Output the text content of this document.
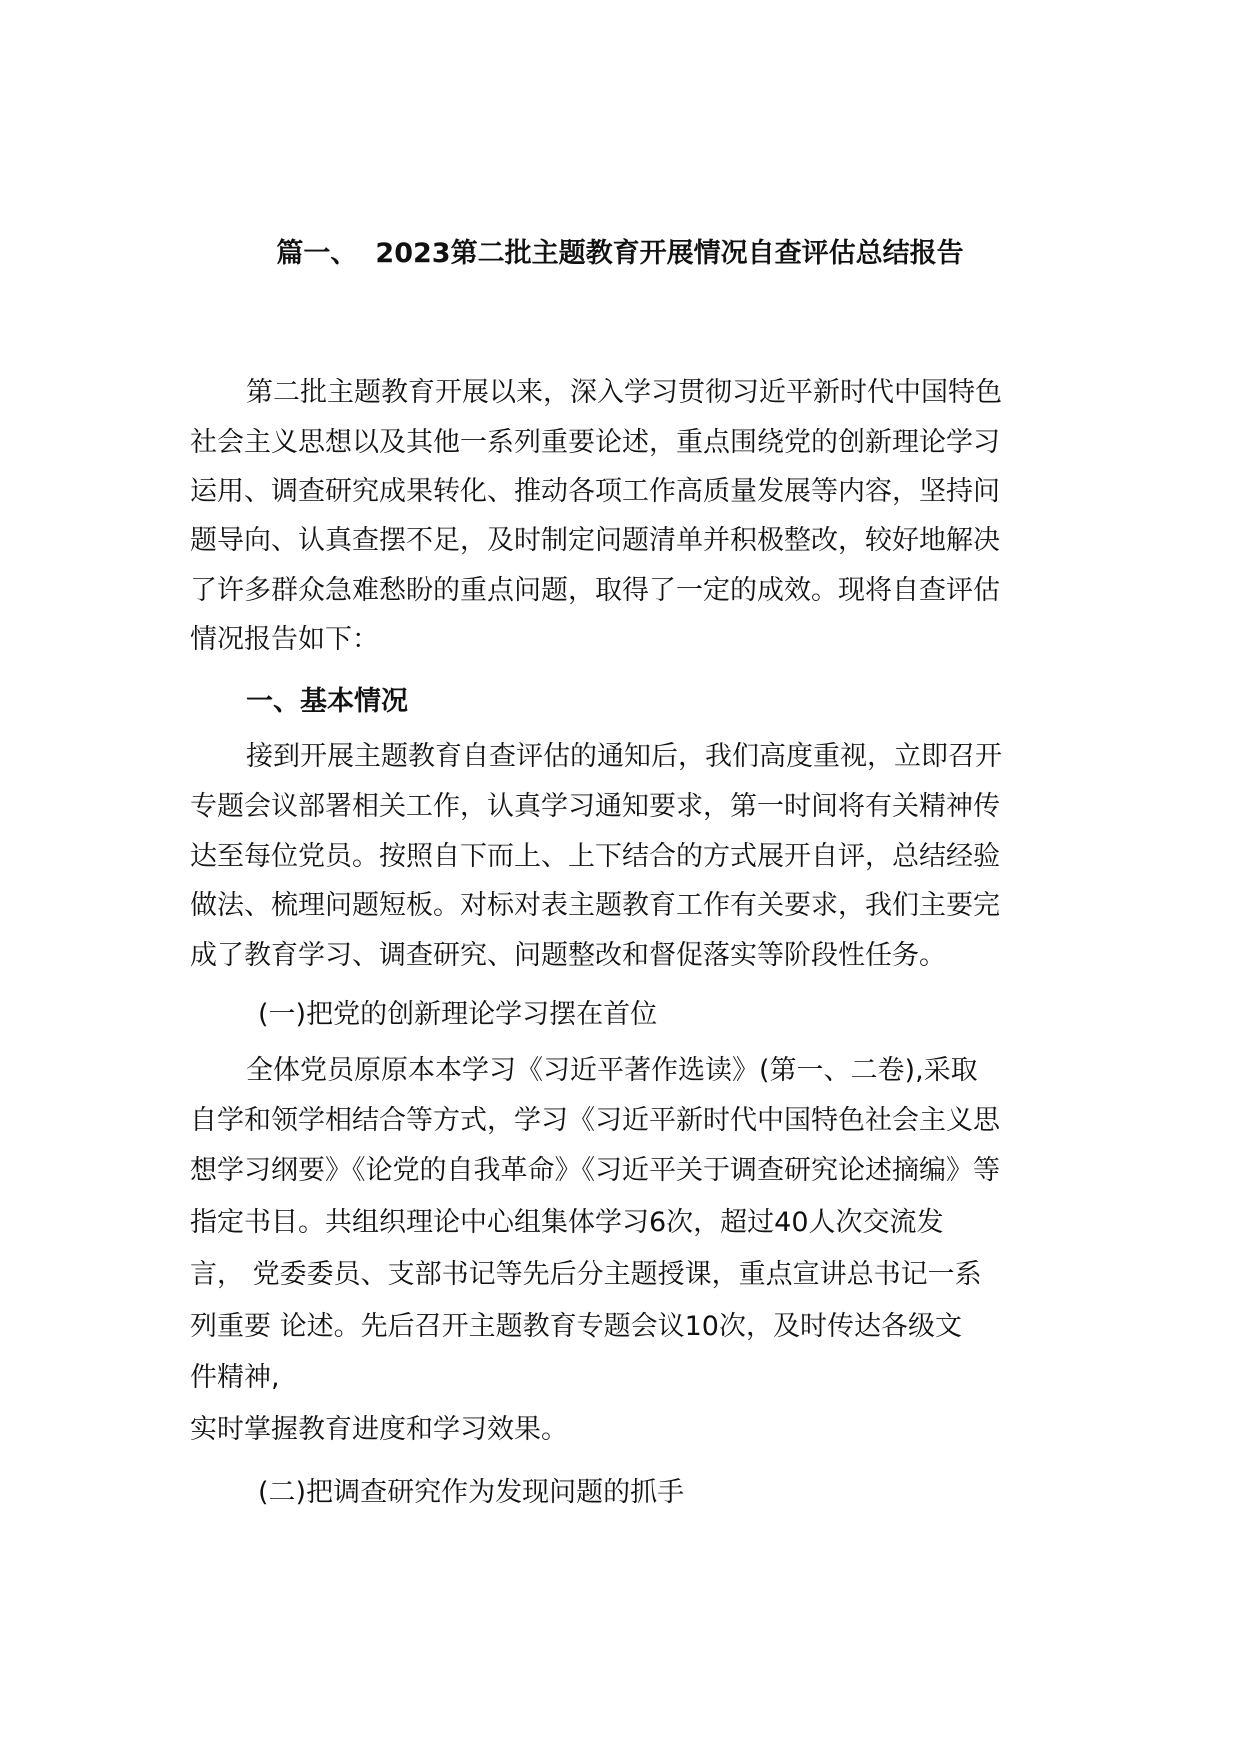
篇一、 2023第二批主题教育开展情况自查评估总结报告
第二批主题教育开展以来，深入学习贯彻习近平新时代中国特色
社会主义思想以及其他一系列重要论述，重点围绕党的创新理论学习
运用、调查研究成果转化、推动各项工作高质量发展等内容，坚持问
题导向、认真查摆不足，及时制定问题清单并积极整改，较好地解决
了许多群众急难愁盼的重点问题，取得了一定的成效。现将自查评估
情况报告如下：
一、基本情况
接到开展主题教育自查评估的通知后，我们高度重视，立即召开
专题会议部署相关工作，认真学习通知要求，第一时间将有关精神传
达至每位党员。按照自下而上、上下结合的方式展开自评，总结经验
做法、梳理问题短板。对标对表主题教育工作有关要求，我们主要完
成了教育学习、调查研究、问题整改和督促落实等阶段性任务。
(一)把党的创新理论学习摆在首位
全体党员原原本本学习《习近平著作选读》(第一、二卷),采取
自学和领学相结合等方式，学习《习近平新时代中国特色社会主义思
想学习纲要》《论党的自我革命》《习近平关于调查研究论述摘编》等
指定书目。共组织理论中心组集体学习6次，超过40人次交流发
言， 党委委员、支部书记等先后分主题授课，重点宣讲总书记一系
列重要 论述。先后召开主题教育专题会议10次，及时传达各级文
件精神,
实时掌握教育进度和学习效果。
(二)把调查研究作为发现问题的抓手
